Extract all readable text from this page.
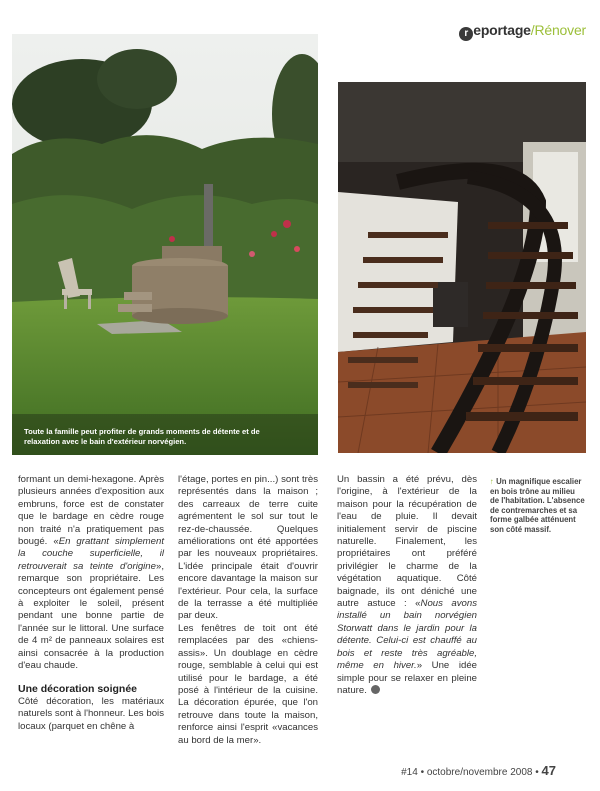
r eportage/Rénover
Toute la famille peut profiter de grands moments de détente et de relaxation avec le bain d'extérieur norvégien.

formant un demi-hexagone. Après plusieurs années d'exposition aux embruns, force est de constater que le bardage en cèdre rouge non traité n'a pratiquement pas bougé. «En grattant simplement la couche superficielle, il retrouverait sa teinte d'origine», remarque son propriétaire. Les concepteurs ont également pensé à exploiter le soleil, présent pendant une bonne partie de l'année sur le littoral. Une surface de 4 m² de panneaux solaires est ainsi consacrée à la production d'eau chaude.

Une décoration soignée

Côté décoration, les matériaux naturels sont à l'honneur. Les bois locaux (parquet en chêne à

l'étage, portes en pin...) sont très représentés dans la maison ; des carreaux de terre cuite agrémentent le sol sur tout le rez-de-chaussée. Quelques améliorations ont été apportées par les nouveaux propriétaires. L'idée principale était d'ouvrir encore davantage la maison sur l'extérieur. Pour cela, la surface de la terrasse a été multipliée par deux.

Les fenêtres de toit ont été remplacées par des «chiens-assis». Un doublage en cèdre rouge, semblable à celui qui est utilisé pour le bardage, a été posé à l'intérieur de la cuisine. La décoration épurée, que l'on retrouve dans toute la maison, renforce ainsi l'esprit «vacances au bord de la mer».

Un bassin a été prévu, dès l'origine, à l'extérieur de la maison pour la récupération de l'eau de pluie. Il devait initialement servir de piscine naturelle. Finalement, les propriétaires ont préféré privilégier le charme de la végétation aquatique. Côté baignade, ils ont déniché une autre astuce : «Nous avons installé un bain norvégien Storwatt dans le jardin pour la détente. Celui-ci est chauffé au bois et reste très agréable, même en hiver.» Une idée simple pour se relaxer en pleine nature.

↑ Un magnifique escalier en bois trône au milieu de l'habitation. L'absence de contremarches et sa forme galbée atténuent son côté massif.
#14 • octobre/novembre 2008 • 47
